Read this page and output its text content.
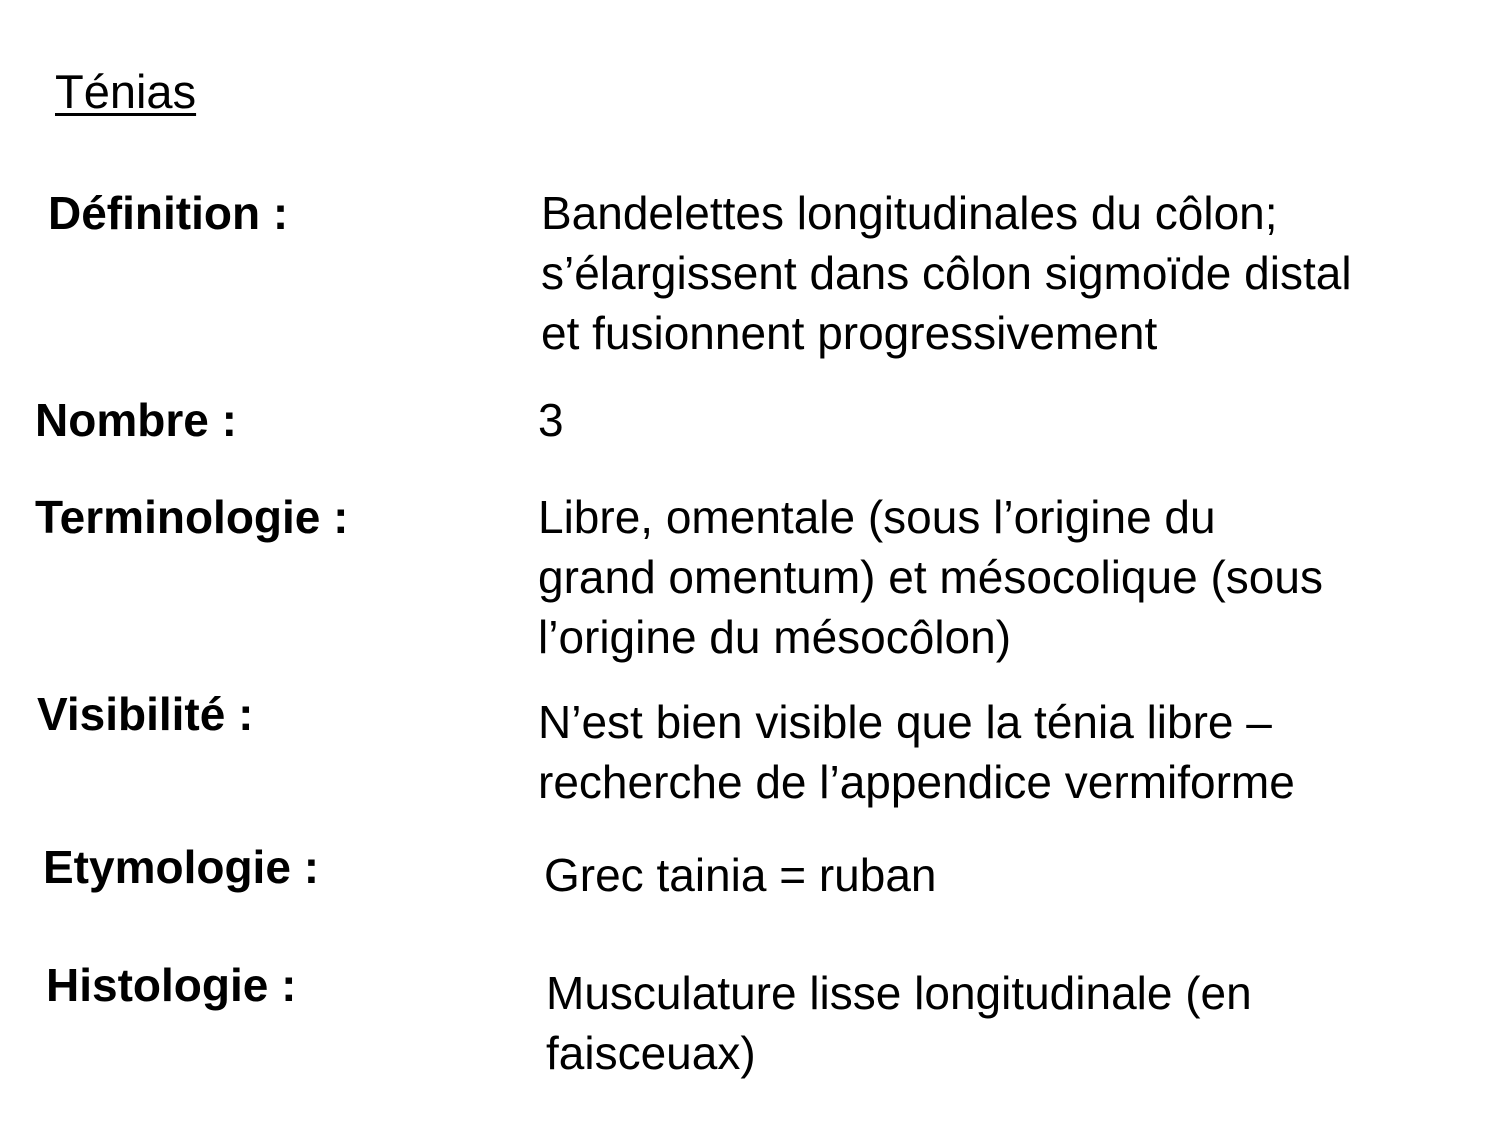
Ténias
Définition :	Bandelettes longitudinales du côlon;
s’élargissent dans côlon sigmoïde distal
et fusionnent progressivement
Nombre :	3
Terminologie :	Libre, omentale (sous l’origine du
grand omentum) et mésocolique (sous
l’origine du mésocôlon)
Visibilité :	N’est bien visible que la ténia libre –
recherche de l’appendice vermiforme
Etymologie :	Grec tainia = ruban
Histologie :	Musculature lisse longitudinale (en
faisceuax)
